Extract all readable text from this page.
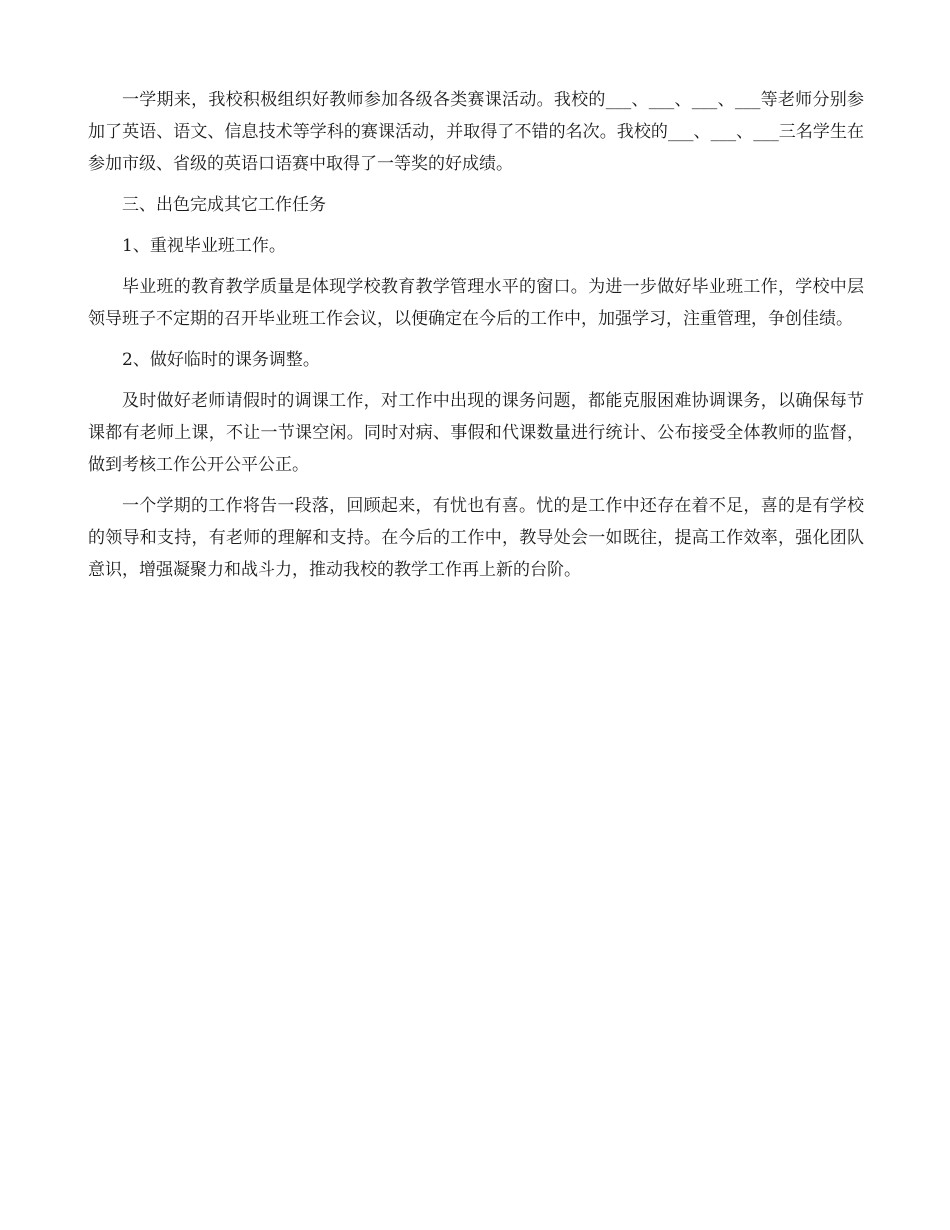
一学期来，我校积极组织好教师参加各级各类赛课活动。我校的___、___、___、___等老师分别参加了英语、语文、信息技术等学科的赛课活动，并取得了不错的名次。我校的___、___、___三名学生在参加市级、省级的英语口语赛中取得了一等奖的好成绩。

三、出色完成其它工作任务

1、重视毕业班工作。

毕业班的教育教学质量是体现学校教育教学管理水平的窗口。为进一步做好毕业班工作，学校中层领导班子不定期的召开毕业班工作会议，以便确定在今后的工作中，加强学习，注重管理，争创佳绩。

2、做好临时的课务调整。

及时做好老师请假时的调课工作，对工作中出现的课务问题，都能克服困难协调课务，以确保每节课都有老师上课，不让一节课空闲。同时对病、事假和代课数量进行统计、公布接受全体教师的监督，做到考核工作公开公平公正。

一个学期的工作将告一段落，回顾起来，有忧也有喜。忧的是工作中还存在着不足，喜的是有学校的领导和支持，有老师的理解和支持。在今后的工作中，教导处会一如既往，提高工作效率，强化团队意识，增强凝聚力和战斗力，推动我校的教学工作再上新的台阶。
